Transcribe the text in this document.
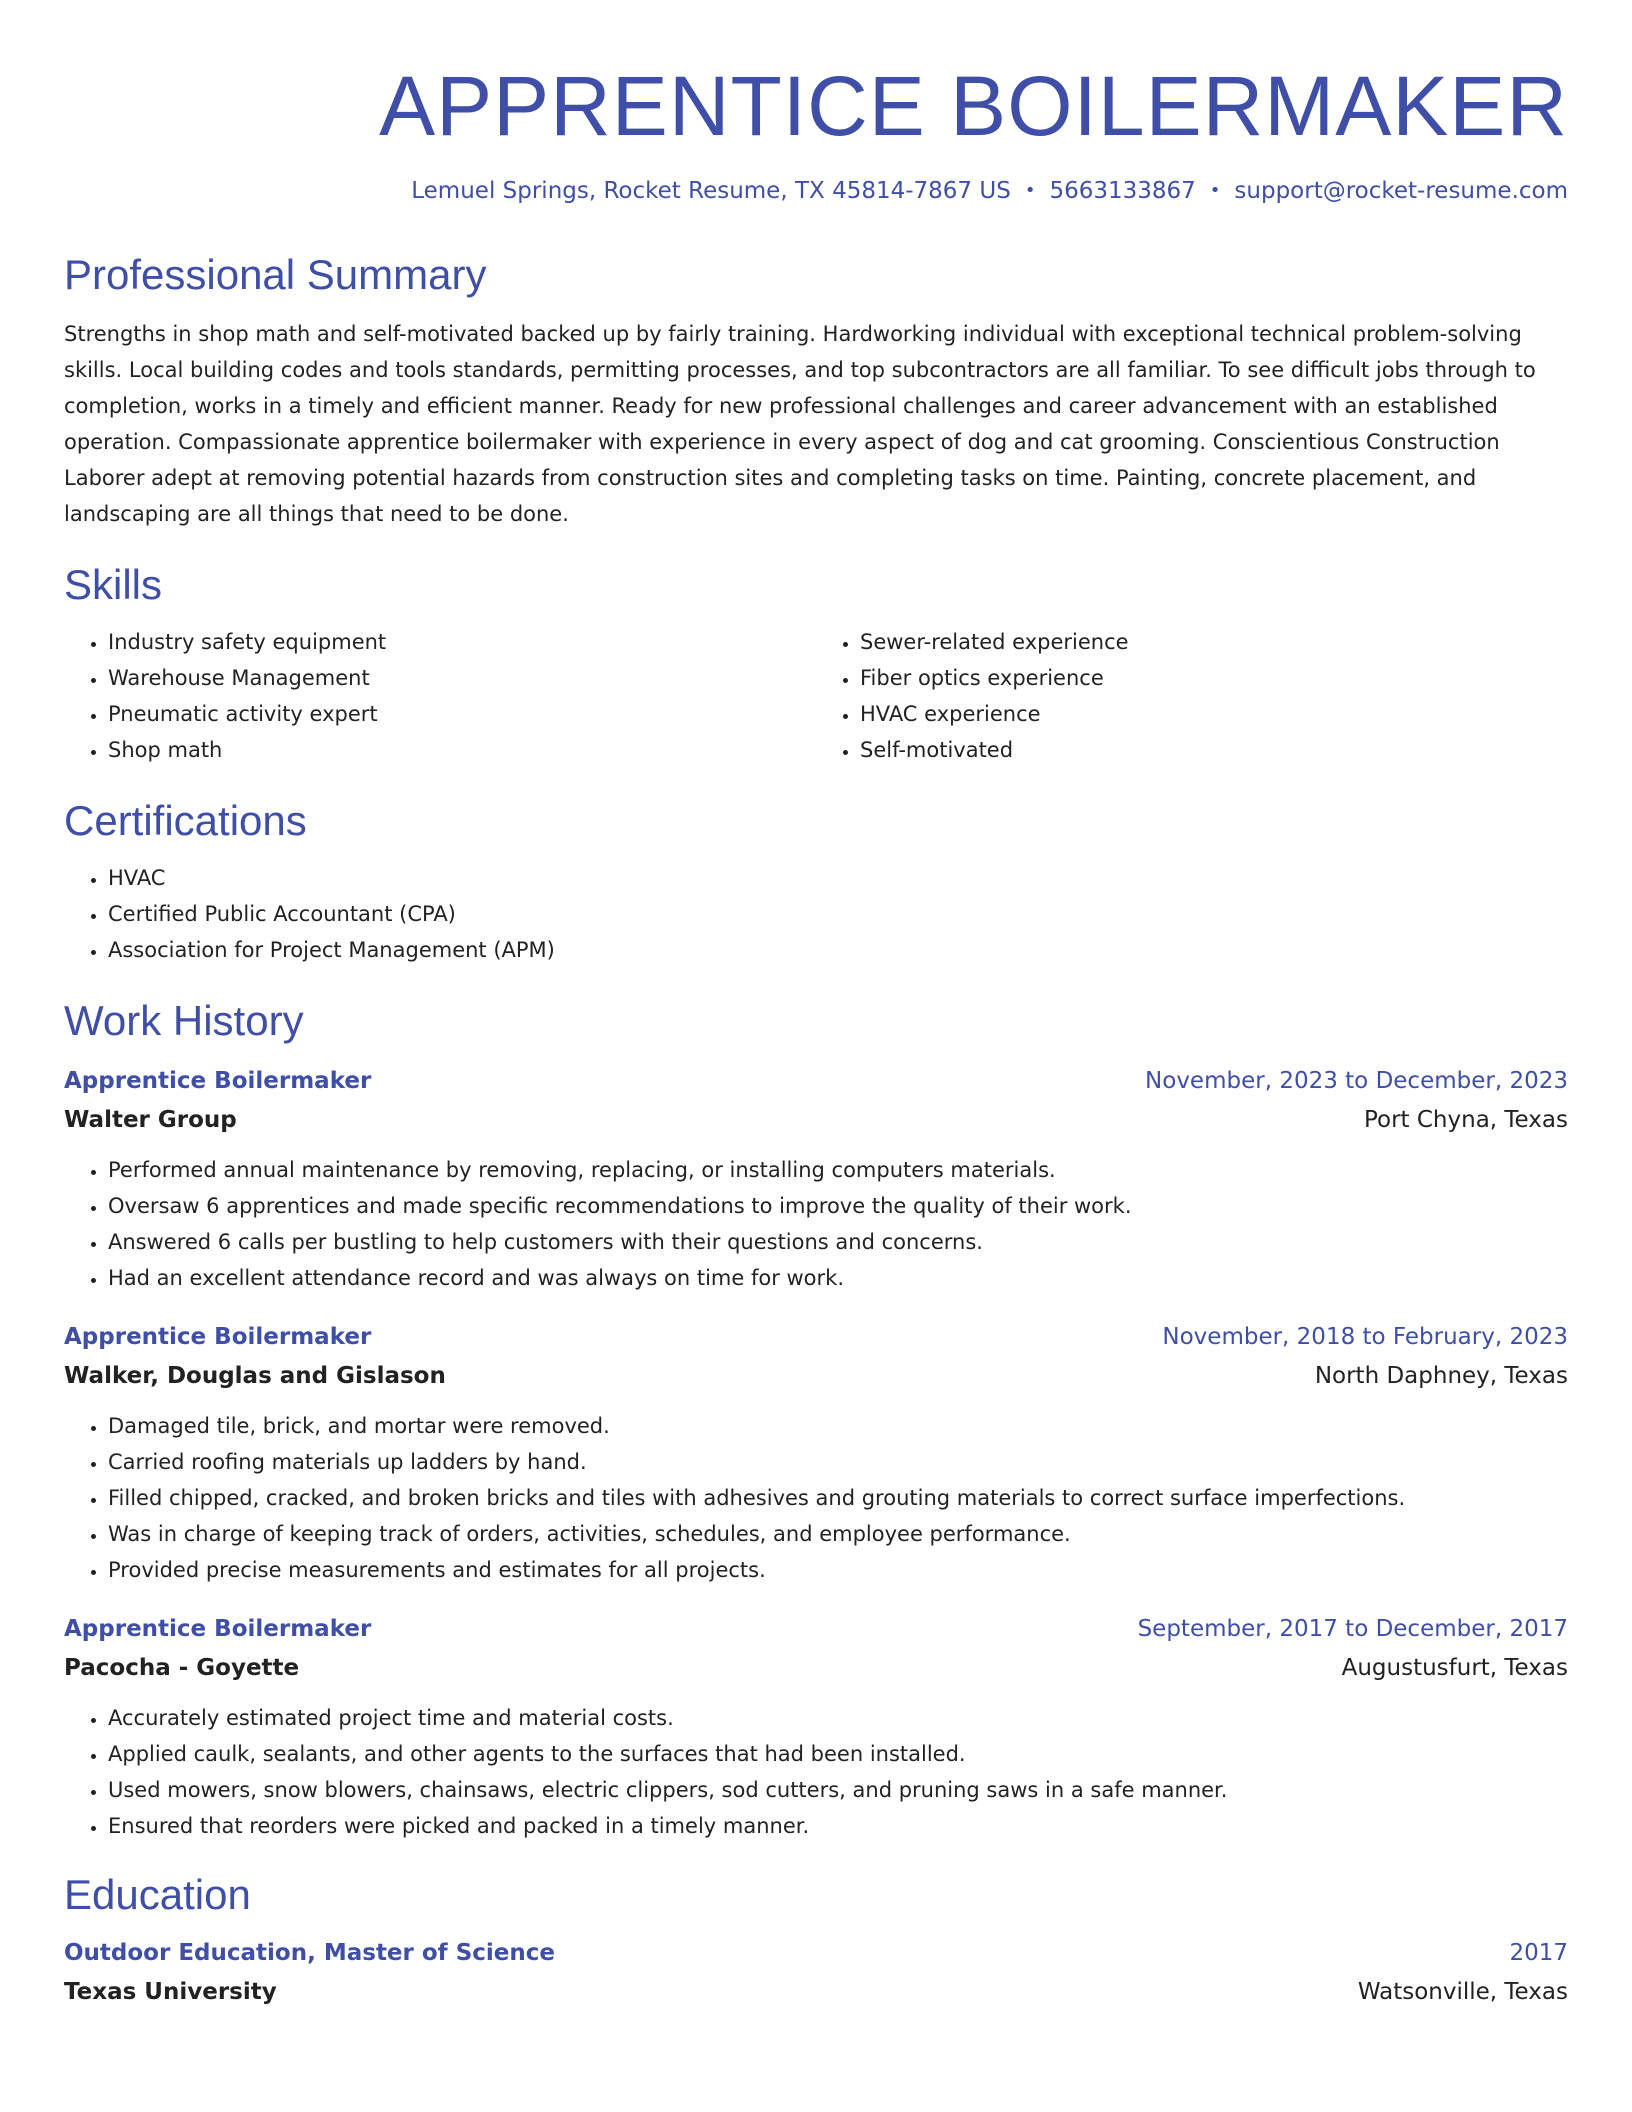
APPRENTICE BOILERMAKER
Lemuel Springs, Rocket Resume, TX 45814-7867 US • 5663133867 • support@rocket-resume.com
Professional Summary
Strengths in shop math and self-motivated backed up by fairly training. Hardworking individual with exceptional technical problem-solving skills. Local building codes and tools standards, permitting processes, and top subcontractors are all familiar. To see difficult jobs through to completion, works in a timely and efficient manner. Ready for new professional challenges and career advancement with an established operation. Compassionate apprentice boilermaker with experience in every aspect of dog and cat grooming. Conscientious Construction Laborer adept at removing potential hazards from construction sites and completing tasks on time. Painting, concrete placement, and landscaping are all things that need to be done.
Skills
• Industry safety equipment
• Warehouse Management
• Pneumatic activity expert
• Shop math
• Sewer-related experience
• Fiber optics experience
• HVAC experience
• Self-motivated
Certifications
• HVAC
• Certified Public Accountant (CPA)
• Association for Project Management (APM)
Work History
Apprentice Boilermaker	November, 2023 to December, 2023
Walter Group	Port Chyna, Texas
• Performed annual maintenance by removing, replacing, or installing computers materials.
• Oversaw 6 apprentices and made specific recommendations to improve the quality of their work.
• Answered 6 calls per bustling to help customers with their questions and concerns.
• Had an excellent attendance record and was always on time for work.
Apprentice Boilermaker	November, 2018 to February, 2023
Walker, Douglas and Gislason	North Daphney, Texas
• Damaged tile, brick, and mortar were removed.
• Carried roofing materials up ladders by hand.
• Filled chipped, cracked, and broken bricks and tiles with adhesives and grouting materials to correct surface imperfections.
• Was in charge of keeping track of orders, activities, schedules, and employee performance.
• Provided precise measurements and estimates for all projects.
Apprentice Boilermaker	September, 2017 to December, 2017
Pacocha - Goyette	Augustusfurt, Texas
• Accurately estimated project time and material costs.
• Applied caulk, sealants, and other agents to the surfaces that had been installed.
• Used mowers, snow blowers, chainsaws, electric clippers, sod cutters, and pruning saws in a safe manner.
• Ensured that reorders were picked and packed in a timely manner.
Education
Outdoor Education, Master of Science	2017
Texas University	Watsonville, Texas
